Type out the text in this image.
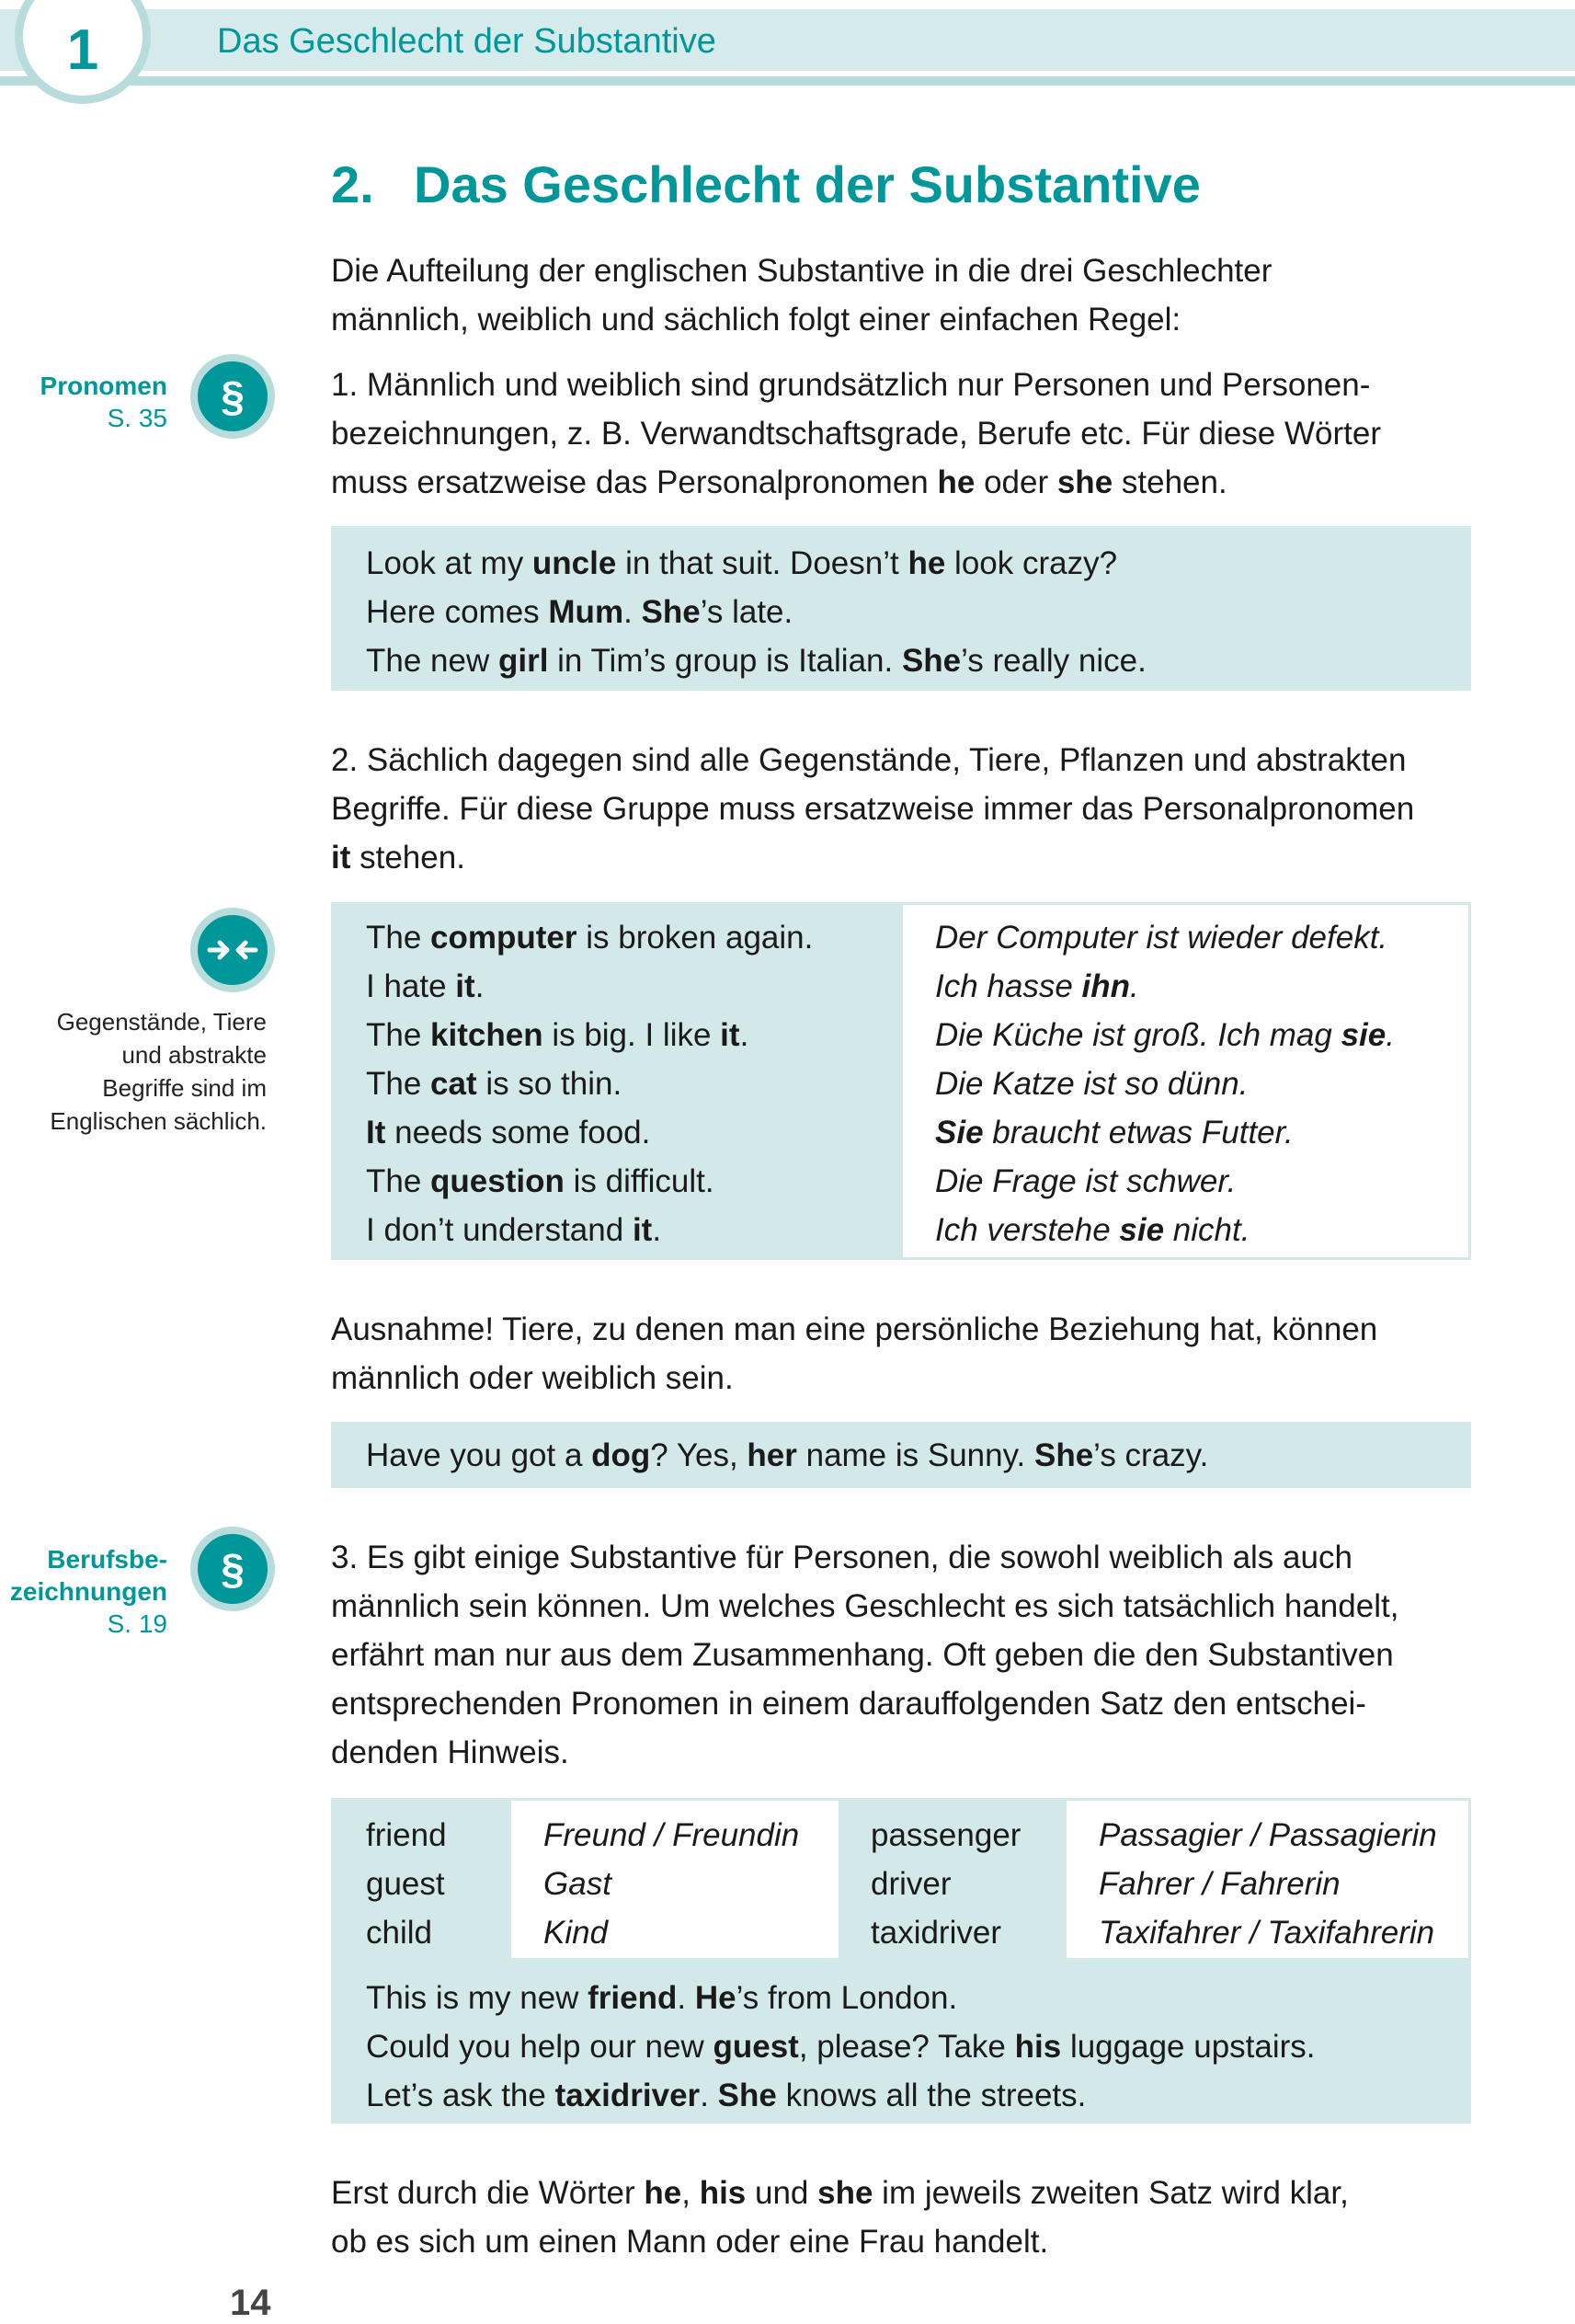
1	Das Geschlecht der Substantive
2. Das Geschlecht der Substantive
Die Aufteilung der englischen Substantive in die drei Geschlechter
männlich, weiblich und sächlich folgt einer einfachen Regel:
1. Männlich und weiblich sind grundsätzlich nur Personen und Personen-
bezeichnungen, z. B. Verwandtschaftsgrade, Berufe etc. Für diese Wörter
muss ersatzweise das Personalpronomen he oder she stehen.
Look at my uncle in that suit. Doesn’t he look crazy?
Here comes Mum. She’s late.
The new girl in Tim’s group is Italian. She’s really nice.
2. Sächlich dagegen sind alle Gegenstände, Tiere, Pflanzen und abstrakten
Begriffe. Für diese Gruppe muss ersatzweise immer das Personalpronomen
it stehen.
The computer is broken again.
I hate it.
The kitchen is big. I like it.
The cat is so thin.
It needs some food.
The question is difficult.
I don’t understand it.
Der Computer ist wieder defekt.
Ich hasse ihn.
Die Küche ist groß. Ich mag sie.
Die Katze ist so dünn.
Sie braucht etwas Futter.
Die Frage ist schwer.
Ich verstehe sie nicht.
Ausnahme! Tiere, zu denen man eine persönliche Beziehung hat, können
männlich oder weiblich sein.
Have you got a dog? Yes, her name is Sunny. She’s crazy.
3. Es gibt einige Substantive für Personen, die sowohl weiblich als auch
männlich sein können. Um welches Geschlecht es sich tatsächlich handelt,
erfährt man nur aus dem Zusammenhang. Oft geben die den Substantiven
entsprechenden Pronomen in einem darauffolgenden Satz den entschei-
denden Hinweis.
friend
guest
child
Freund / Freundin
Gast
Kind
passenger
driver
taxidriver
Passagier / Passagierin
Fahrer / Fahrerin
Taxifahrer / Taxifahrerin
This is my new friend. He’s from London.
Could you help our new guest, please? Take his luggage upstairs.
Let’s ask the taxidriver. She knows all the streets.
Erst durch die Wörter he, his und she im jeweils zweiten Satz wird klar,
ob es sich um einen Mann oder eine Frau handelt.
Pronomen
S. 35	§
Gegenstände, Tiere
und abstrakte
Begriffe sind im
Englischen sächlich.
Berufsbe-
zeichnungen
S. 19
§
14
